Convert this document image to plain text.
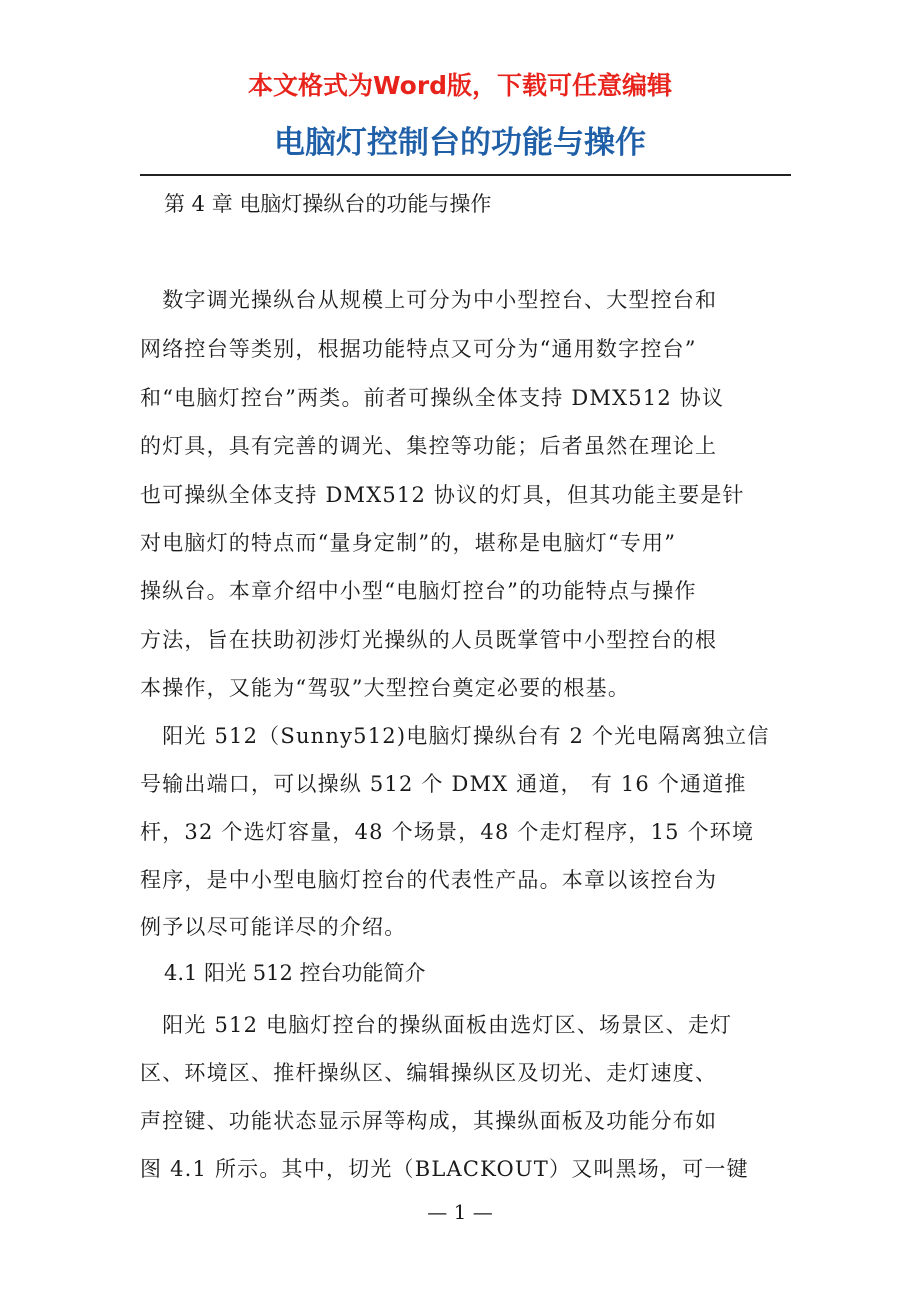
本文格式为Word版，下载可任意编辑
电脑灯控制台的功能与操作
第 4 章 电脑灯操纵台的功能与操作
　数字调光操纵台从规模上可分为中小型控台、大型控台和
网络控台等类别，根据功能特点又可分为“通用数字控台”
和“电脑灯控台”两类。前者可操纵全体支持 DMX512 协议
的灯具，具有完善的调光、集控等功能；后者虽然在理论上
也可操纵全体支持 DMX512 协议的灯具，但其功能主要是针
对电脑灯的特点而“量身定制”的，堪称是电脑灯“专用”
操纵台。本章介绍中小型“电脑灯控台”的功能特点与操作
方法，旨在扶助初涉灯光操纵的人员既掌管中小型控台的根
本操作，又能为“驾驭”大型控台奠定必要的根基。
　阳光 512（Sunny512)电脑灯操纵台有 2 个光电隔离独立信
号输出端口，可以操纵 512 个 DMX 通道， 有 16 个通道推
杆，32 个选灯容量，48 个场景，48 个走灯程序，15 个环境
程序，是中小型电脑灯控台的代表性产品。本章以该控台为
例予以尽可能详尽的介绍。
4.1 阳光 512 控台功能简介
　阳光 512 电脑灯控台的操纵面板由选灯区、场景区、走灯
区、环境区、推杆操纵区、编辑操纵区及切光、走灯速度、
声控键、功能状态显示屏等构成，其操纵面板及功能分布如
图 4.1 所示。其中，切光（BLACKOUT）又叫黑场，可一键
— 1 —
